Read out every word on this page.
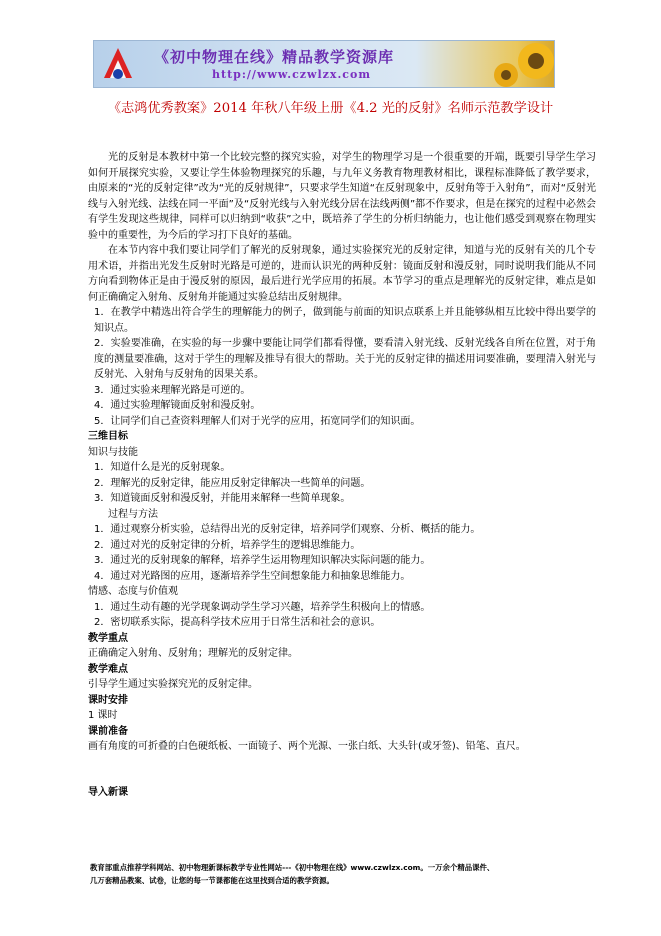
《初中物理在线》精品教学资源库
http://www.czwlzx.com
《志鸿优秀教案》2014 年秋八年级上册《4.2 光的反射》名师示范教学设计

光的反射是本教材中第一个比较完整的探究实验，对学生的物理学习是一个很重要的开端，既要引导学生学习如何开展探究实验，又要让学生体验物理探究的乐趣，与九年义务教育物理教材相比，课程标准降低了教学要求，由原来的“光的反射定律”改为“光的反射规律”，只要求学生知道“在反射现象中，反射角等于入射角”，而对“反射光线与入射光线、法线在同一平面”及“反射光线与入射光线分居在法线两侧”都不作要求，但是在探究的过程中必然会有学生发现这些规律，同样可以归纳到“收获”之中，既培养了学生的分析归纳能力，也让他们感受到观察在物理实验中的重要性，为今后的学习打下良好的基础。

在本节内容中我们要让同学们了解光的反射现象，通过实验探究光的反射定律，知道与光的反射有关的几个专用术语，并指出光发生反射时光路是可逆的，进而认识光的两种反射：镜面反射和漫反射，同时说明我们能从不同方向看到物体正是由于漫反射的原因，最后进行光学应用的拓展。本节学习的重点是理解光的反射定律，难点是如何正确确定入射角、反射角并能通过实验总结出反射规律。

1．在教学中精选出符合学生的理解能力的例子，做到能与前面的知识点联系上并且能够纵相互比较中得出要学的知识点。

2．实验要准确，在实验的每一步骤中要能让同学们都看得懂，要看清入射光线、反射光线各自所在位置，对于角度的测量要准确，这对于学生的理解及推导有很大的帮助。关于光的反射定律的描述用词要准确，要理清入射光与反射光、入射角与反射角的因果关系。

3．通过实验来理解光路是可逆的。

4．通过实验理解镜面反射和漫反射。

5．让同学们自己查资料理解人们对于光学的应用，拓宽同学们的知识面。

三维目标

知识与技能

1．知道什么是光的反射现象。

2．理解光的反射定律，能应用反射定律解决一些简单的问题。

3．知道镜面反射和漫反射，并能用来解释一些简单现象。

过程与方法

1．通过观察分析实验，总结得出光的反射定律，培养同学们观察、分析、概括的能力。

2．通过对光的反射定律的分析，培养学生的逻辑思维能力。

3．通过光的反射现象的解释，培养学生运用物理知识解决实际问题的能力。

4．通过对光路图的应用，逐渐培养学生空间想象能力和抽象思维能力。

情感、态度与价值观

1．通过生动有趣的光学现象调动学生学习兴趣，培养学生积极向上的情感。

2．密切联系实际，提高科学技术应用于日常生活和社会的意识。

教学重点

正确确定入射角、反射角；理解光的反射定律。

教学难点

引导学生通过实验探究光的反射定律。

课时安排

1 课时

课前准备

画有角度的可折叠的白色硬纸板、一面镜子、两个光源、一张白纸、大头针(或牙签)、铅笔、直尺。

导入新课

教育部重点推荐学科网站、初中物理新课标教学专业性网站---《初中物理在线》www.czwlzx.com。一万余个精品课件、
几万套精品教案、试卷，让您的每一节课都能在这里找到合适的教学资源。
